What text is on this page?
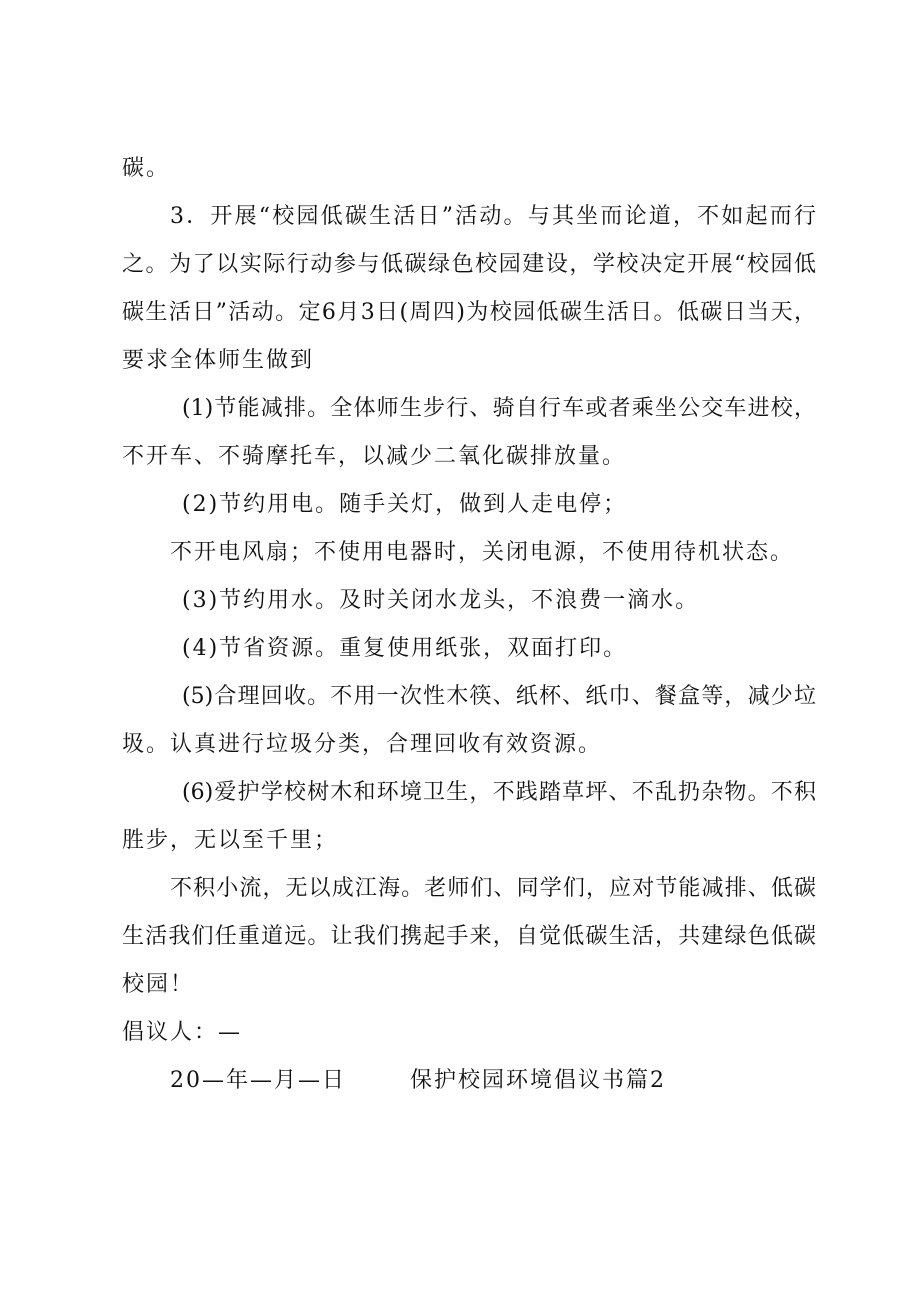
碳。
3．开展“校园低碳生活日”活动。与其坐而论道，不如起而行
之。为了以实际行动参与低碳绿色校园建设，学校决定开展“校园低
碳生活日”活动。定6月3日(周四)为校园低碳生活日。低碳日当天，
要求全体师生做到
(1)节能减排。全体师生步行、骑自行车或者乘坐公交车进校，
不开车、不骑摩托车，以减少二氧化碳排放量。
(2)节约用电。随手关灯，做到人走电停；
不开电风扇；不使用电器时，关闭电源，不使用待机状态。
(3)节约用水。及时关闭水龙头，不浪费一滴水。
(4)节省资源。重复使用纸张，双面打印。
(5)合理回收。不用一次性木筷、纸杯、纸巾、餐盒等，减少垃
圾。认真进行垃圾分类，合理回收有效资源。
(6)爱护学校树木和环境卫生，不践踏草坪、不乱扔杂物。不积
胜步，无以至千里；
不积小流，无以成江海。老师们、同学们，应对节能减排、低碳
生活我们任重道远。让我们携起手来，自觉低碳生活，共建绿色低碳
校园！
倡议人：—
20—年—月—日	保护校园环境倡议书篇2
